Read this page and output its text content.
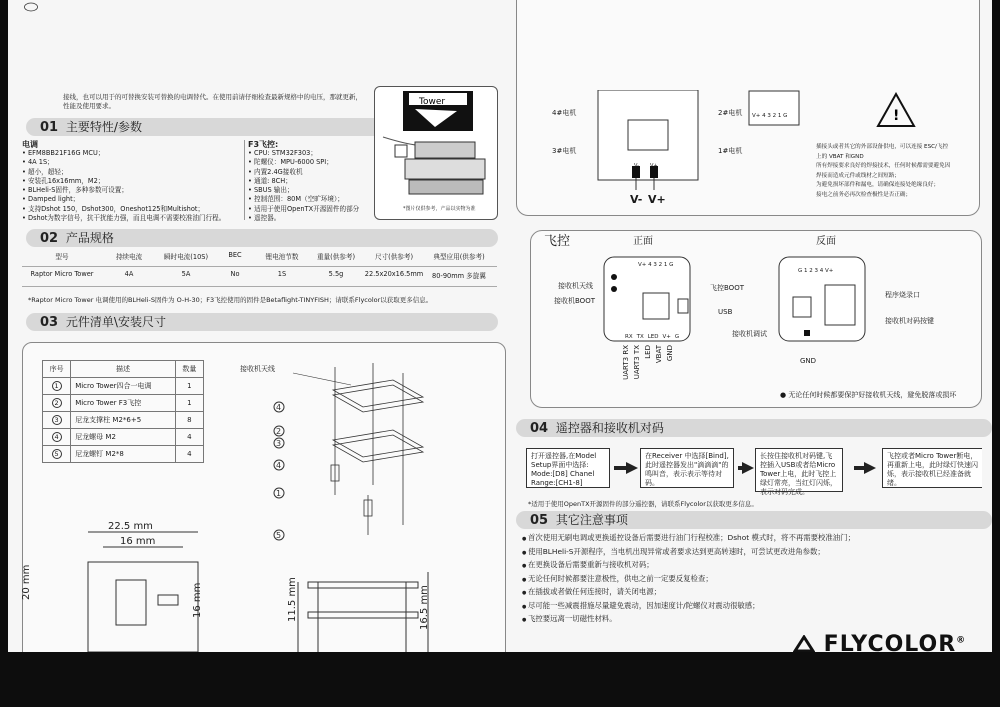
接线，也可以用于的可替换安装可替换的电调替代。在使用前请仔细检查最新规格中的电压，那就更新，
性能及使用要求。
01 主要特性/参数
电调
• EFM8BB21F16G MCU；
• 4A 1S；
• 超小，超轻；
• 安装孔16x16mm，M2；
• BLHeli-S固件，多种参数可设置；
• Damped light；
• 支持Dshot 150，Dshot300，Oneshot125和Multishot；
• Dshot为数字信号，抗干扰能力强，而且电调不需要校准油门行程。
F3飞控:
• CPU: STM32F303；
• 陀螺仪：MPU-6000 SPI；
• 内置2.4G接收机
• 通道: 8CH；
• SBUS 输出；
• 控制范围：80M（空旷环境）；
• 适用于使用OpenTX开源固件的部分
• 遥控器。
Tower
*图片仅供参考，产品以实物为准
02 产品规格
型号	持续电流	瞬时电流(10S)	BEC	锂电池节数	重量(供参考)	尺寸(供参考)	典型应用(供参考)
Raptor Micro Tower	4A	5A	No	1S	5.5g	22.5x20x16.5mm	80-90mm 多旋翼
*Raptor Micro Tower 电调使用的BLHeli-S固件为 O-H-30；F3飞控使用的固件是Betaflight-TINYFISH；请联系Flycolor以获取更多信息。
03 元件清单\安装尺寸
序号	描述	数量
1	Micro Tower四合一电调	1
2	Micro Tower F3飞控	1
3	尼龙支撑柱 M2*6+5	8
4	尼龙螺母 M2	4
5	尼龙螺钉 M2*8	4
接收机天线
4
2
3
4
1
5
22.5 mm
16 mm
20 mm
16 mm	11.5 mm	16.5 mm
4#电机
3#电机
2#电机
1#电机
V- V+
V- V+
V+ 4 3 2 1 G	!
插接头或者其它的外部设备供电，可以连接 ESC/飞控
上的 VBAT 和GND
所有焊接要求良好的焊接技术，任何时候都需要避免因
焊接而造成元件或线材之间短路；
为避免损坏部件和漏电，请确保连接处绝缘良好；
接电之前务必再次检查极性是否正确；
飞控	正面	反面
V+ 4 3 2 1 G
接收机天线
接收机BOOT
飞控BOOT
USB
RX TX LED V+ G
UART3 RX UART3 TX LED VBAT GND
G 1 2 3 4 V+
程序烧录口
接收机对码按键
接收机调试
GND
● 无论任何时候都要保护好接收机天线，避免脱落或损坏
04 遥控器和接收机对码
打开遥控器,在Model Setup界面中选择: Mode:[D8] Chanel Range:[CH1-8]
在Receiver 中选择[Bind], 此时遥控器发出"滴滴滴"的鸣叫音，表示表示等待对码。
长按住接收机对码键,飞控插入USB或者给Micro Tower上电，此时飞控上绿灯常亮，当红灯闪烁，表示对码完成。
飞控或者Micro Tower断电，再重新上电，此时绿灯快速闪烁，表示接收机已经准备就绪。
*适用于使用OpenTX开源固件的部分遥控器，请联系Flycolor以获取更多信息。
05 其它注意事项
● 首次使用无刷电调或更换遥控设备后需要进行油门行程校准；Dshot 模式时，将不再需要校准油门；
● 使用BLHeli-S开源程序，当电机出现异常或者要求达到更高转速时，可尝试更改进角参数；
● 在更换设备后需要重新与接收机对码；
● 无论任何时候都要注意极性，供电之前一定要反复检查；
● 在插拔或者做任何连接时，请关闭电源；
● 尽可能一些减震措施尽量避免震动，因加速度计/陀螺仪对震动很敏感；
● 飞控要远离一切磁性材料。
FLYCOLOR®
